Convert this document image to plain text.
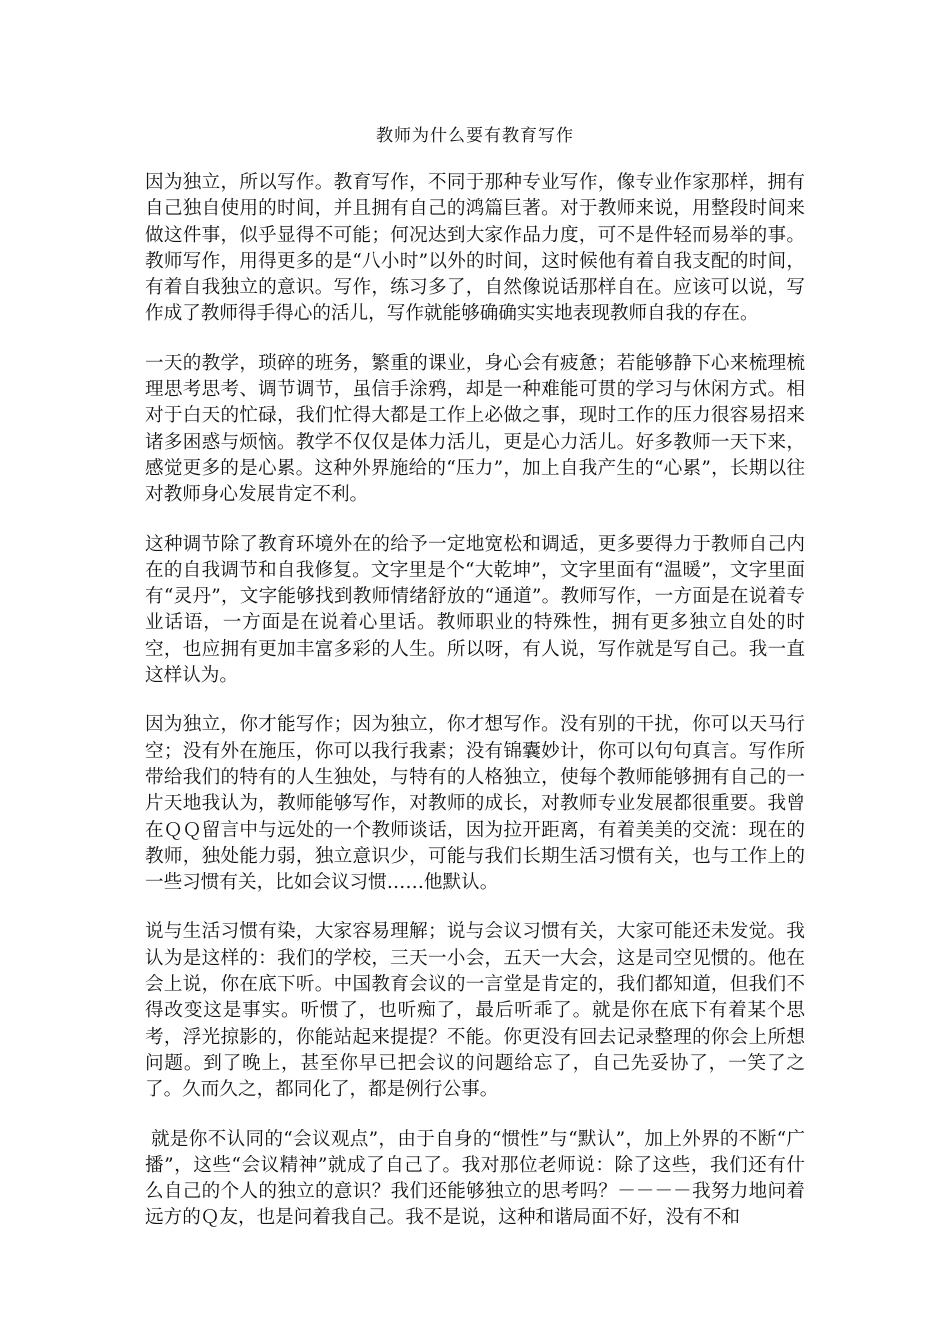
教师为什么要有教育写作

因为独立，所以写作。教育写作，不同于那种专业写作，像专业作家那样，拥有自己独自使用的时间，并且拥有自己的鸿篇巨著。对于教师来说，用整段时间来做这件事，似乎显得不可能；何况达到大家作品力度，可不是件轻而易举的事。教师写作，用得更多的是“八小时”以外的时间，这时候他有着自我支配的时间，有着自我独立的意识。写作，练习多了，自然像说话那样自在。应该可以说，写作成了教师得手得心的活儿，写作就能够确确实实地表现教师自我的存在。

一天的教学，琐碎的班务，繁重的课业，身心会有疲惫；若能够静下心来梳理梳理思考思考、调节调节，虽信手涂鸦，却是一种难能可贯的学习与休闲方式。相对于白天的忙碌，我们忙得大都是工作上必做之事，现时工作的压力很容易招来诸多困惑与烦恼。教学不仅仅是体力活儿，更是心力活儿。好多教师一天下来，感觉更多的是心累。这种外界施给的“压力”，加上自我产生的“心累”，长期以往对教师身心发展肯定不利。

这种调节除了教育环境外在的给予一定地宽松和调适，更多要得力于教师自己内在的自我调节和自我修复。文字里是个“大乾坤”，文字里面有“温暖”，文字里面有“灵丹”，文字能够找到教师情绪舒放的“通道”。教师写作，一方面是在说着专业话语，一方面是在说着心里话。教师职业的特殊性，拥有更多独立自处的时空，也应拥有更加丰富多彩的人生。所以呀，有人说，写作就是写自己。我一直这样认为。

因为独立，你才能写作；因为独立，你才想写作。没有别的干扰，你可以天马行空；没有外在施压，你可以我行我素；没有锦囊妙计，你可以句句真言。写作所带给我们的特有的人生独处，与特有的人格独立，使每个教师能够拥有自己的一片天地我认为，教师能够写作，对教师的成长，对教师专业发展都很重要。我曾在ＱＱ留言中与远处的一个教师谈话，因为拉开距离，有着美美的交流：现在的教师，独处能力弱，独立意识少，可能与我们长期生活习惯有关，也与工作上的一些习惯有关，比如会议习惯……他默认。

说与生活习惯有染，大家容易理解；说与会议习惯有关，大家可能还未发觉。我认为是这样的：我们的学校，三天一小会，五天一大会，这是司空见惯的。他在会上说，你在底下听。中国教育会议的一言堂是肯定的，我们都知道，但我们不得改变这是事实。听惯了，也听痴了，最后听乖了。就是你在底下有着某个思考，浮光掠影的，你能站起来提提？不能。你更没有回去记录整理的你会上所想问题。到了晚上，甚至你早已把会议的问题给忘了，自己先妥协了，一笑了之了。久而久之，都同化了，都是例行公事。

就是你不认同的“会议观点”，由于自身的“惯性”与“默认”，加上外界的不断“广播”，这些“会议精神”就成了自己了。我对那位老师说：除了这些，我们还有什么自己的个人的独立的意识？我们还能够独立的思考吗？－－－－我努力地问着远方的Ｑ友，也是问着我自己。我不是说，这种和谐局面不好，没有不和
